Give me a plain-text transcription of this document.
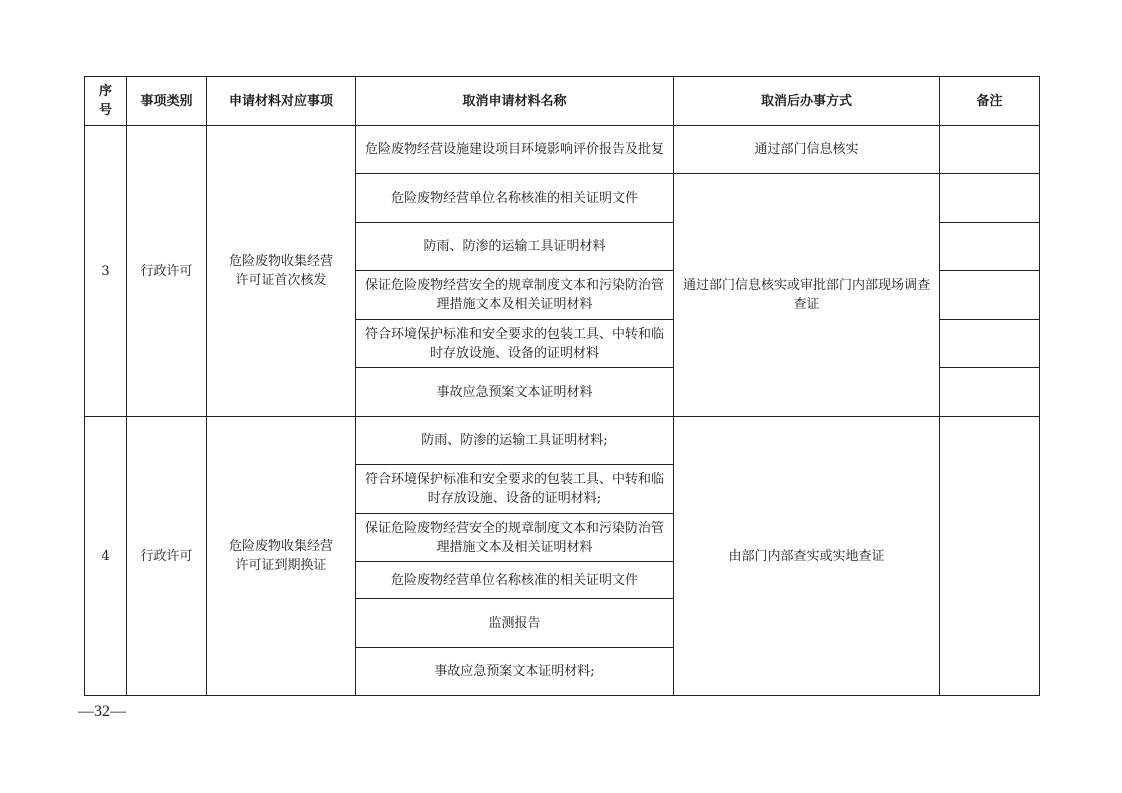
序号	事项类别	申请材料对应事项	取消申请材料名称	取消后办事方式	备注
3	行政许可	危险废物收集经营许可证首次核发	危险废物经营设施建设项目环境影响评价报告及批复	通过部门信息核实	
			危险废物经营单位名称核准的相关证明文件	通过部门信息核实或审批部门内部现场调查查证	
			防雨、防渗的运输工具证明材料		
			保证危险废物经营安全的规章制度文本和污染防治管理措施文本及相关证明材料		
			符合环境保护标准和安全要求的包装工具、中转和临时存放设施、设备的证明材料		
			事故应急预案文本证明材料		
4	行政许可	危险废物收集经营许可证到期换证	防雨、防渗的运输工具证明材料;	由部门内部查实或实地查证	
			符合环境保护标准和安全要求的包装工具、中转和临时存放设施、设备的证明材料;		
			保证危险废物经营安全的规章制度文本和污染防治管理措施文本及相关证明材料		
			危险废物经营单位名称核准的相关证明文件		
			监测报告		
			事故应急预案文本证明材料;		
—32—
